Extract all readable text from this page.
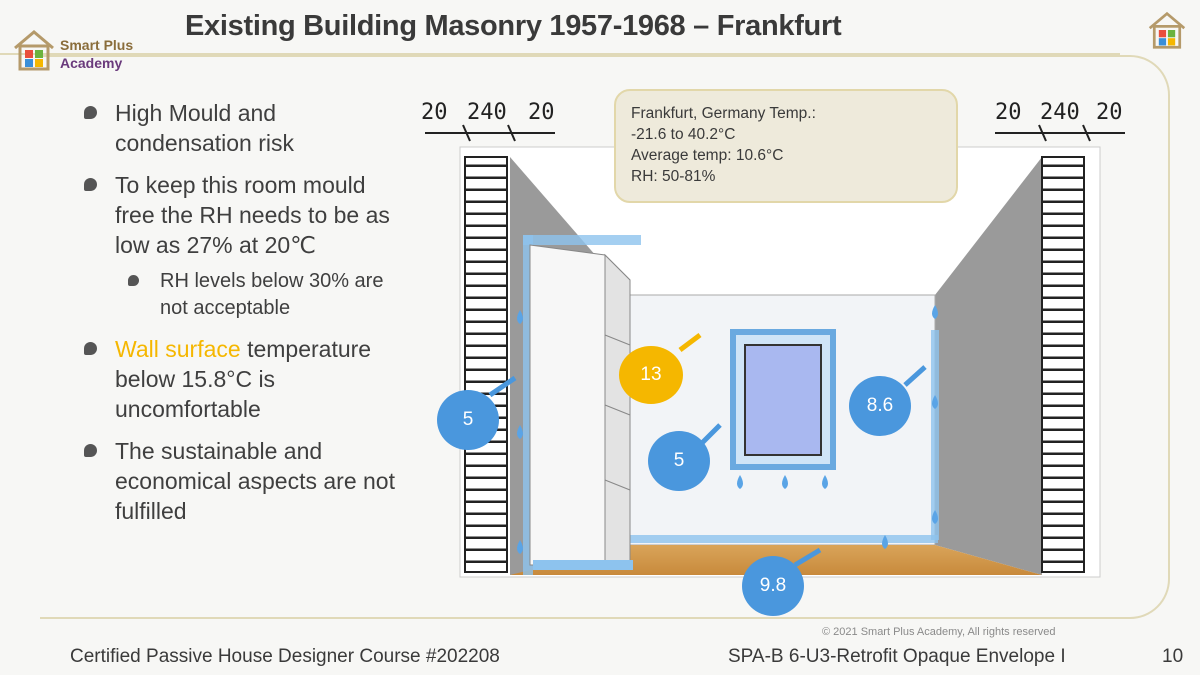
Smart Plus
Academy
Existing Building Masonry 1957-1968 – Frankfurt
High Mould and condensation risk
To keep this room mould free the RH needs to be as low as 27% at 20℃
RH levels below 30% are not acceptable
Wall surface temperature below 15.8°C is uncomfortable
The sustainable and economical aspects are not fulfilled
20 240 20	20 240 20
Frankfurt, Germany Temp.:
-21.6 to 40.2°C
Average temp: 10.6°C
RH: 50-81%
13
5
5
8.6
9.8
© 2021 Smart Plus Academy, All rights reserved
Certified Passive House Designer Course #202208	SPA-B 6-U3-Retrofit Opaque Envelope I	10
